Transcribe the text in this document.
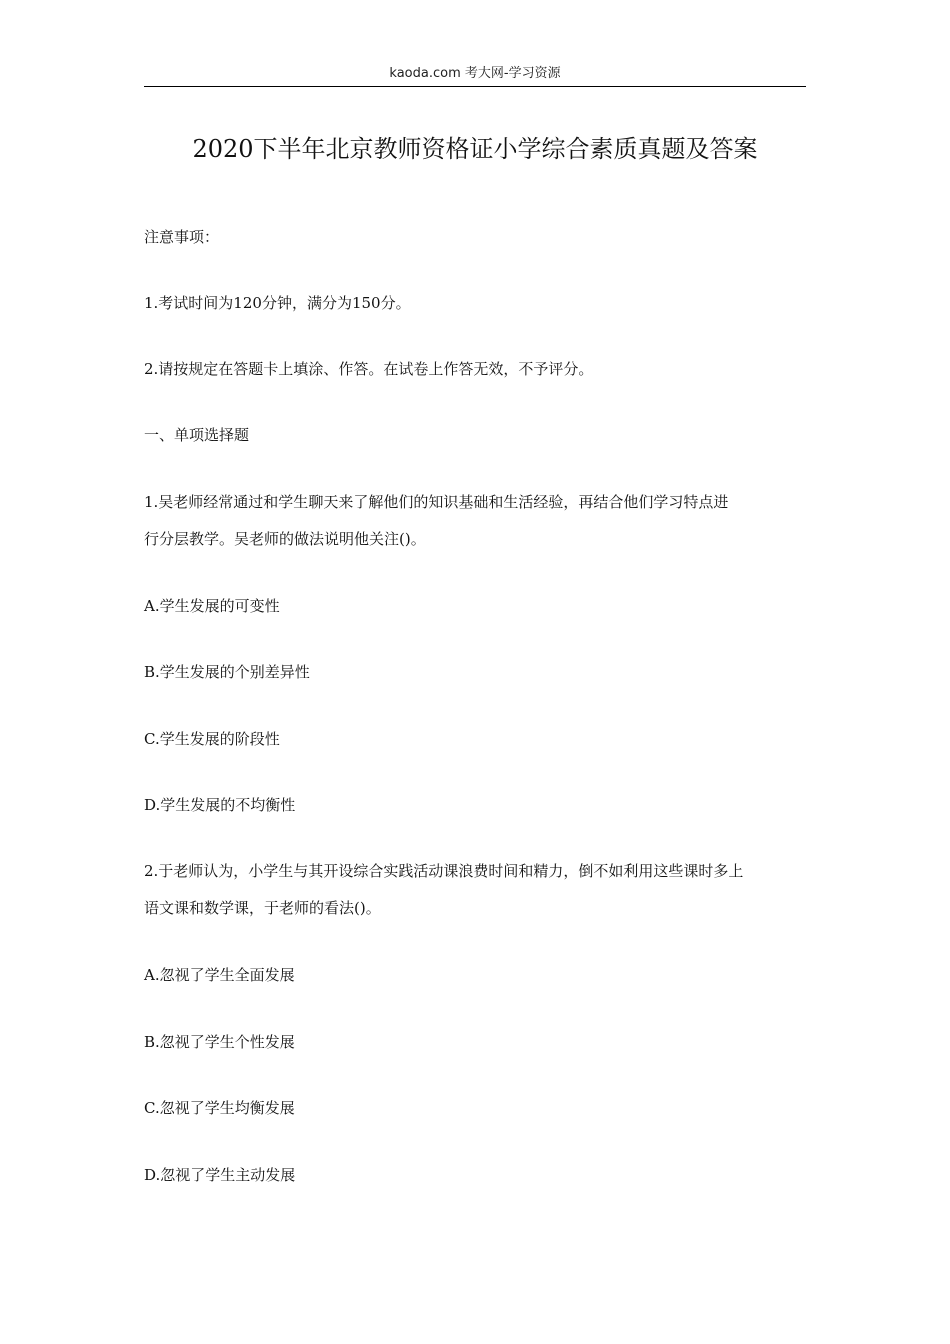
kaoda.com 考大网-学习资源
2020下半年北京教师资格证小学综合素质真题及答案

注意事项：

1.考试时间为120分钟，满分为150分。

2.请按规定在答题卡上填涂、作答。在试卷上作答无效，不予评分。

一、单项选择题

1.吴老师经常通过和学生聊天来了解他们的知识基础和生活经验，再结合他们学习特点进
行分层教学。吴老师的做法说明他关注()。

A.学生发展的可变性

B.学生发展的个别差异性

C.学生发展的阶段性

D.学生发展的不均衡性

2.于老师认为，小学生与其开设综合实践活动课浪费时间和精力，倒不如利用这些课时多上
语文课和数学课，于老师的看法()。

A.忽视了学生全面发展

B.忽视了学生个性发展

C.忽视了学生均衡发展

D.忽视了学生主动发展
